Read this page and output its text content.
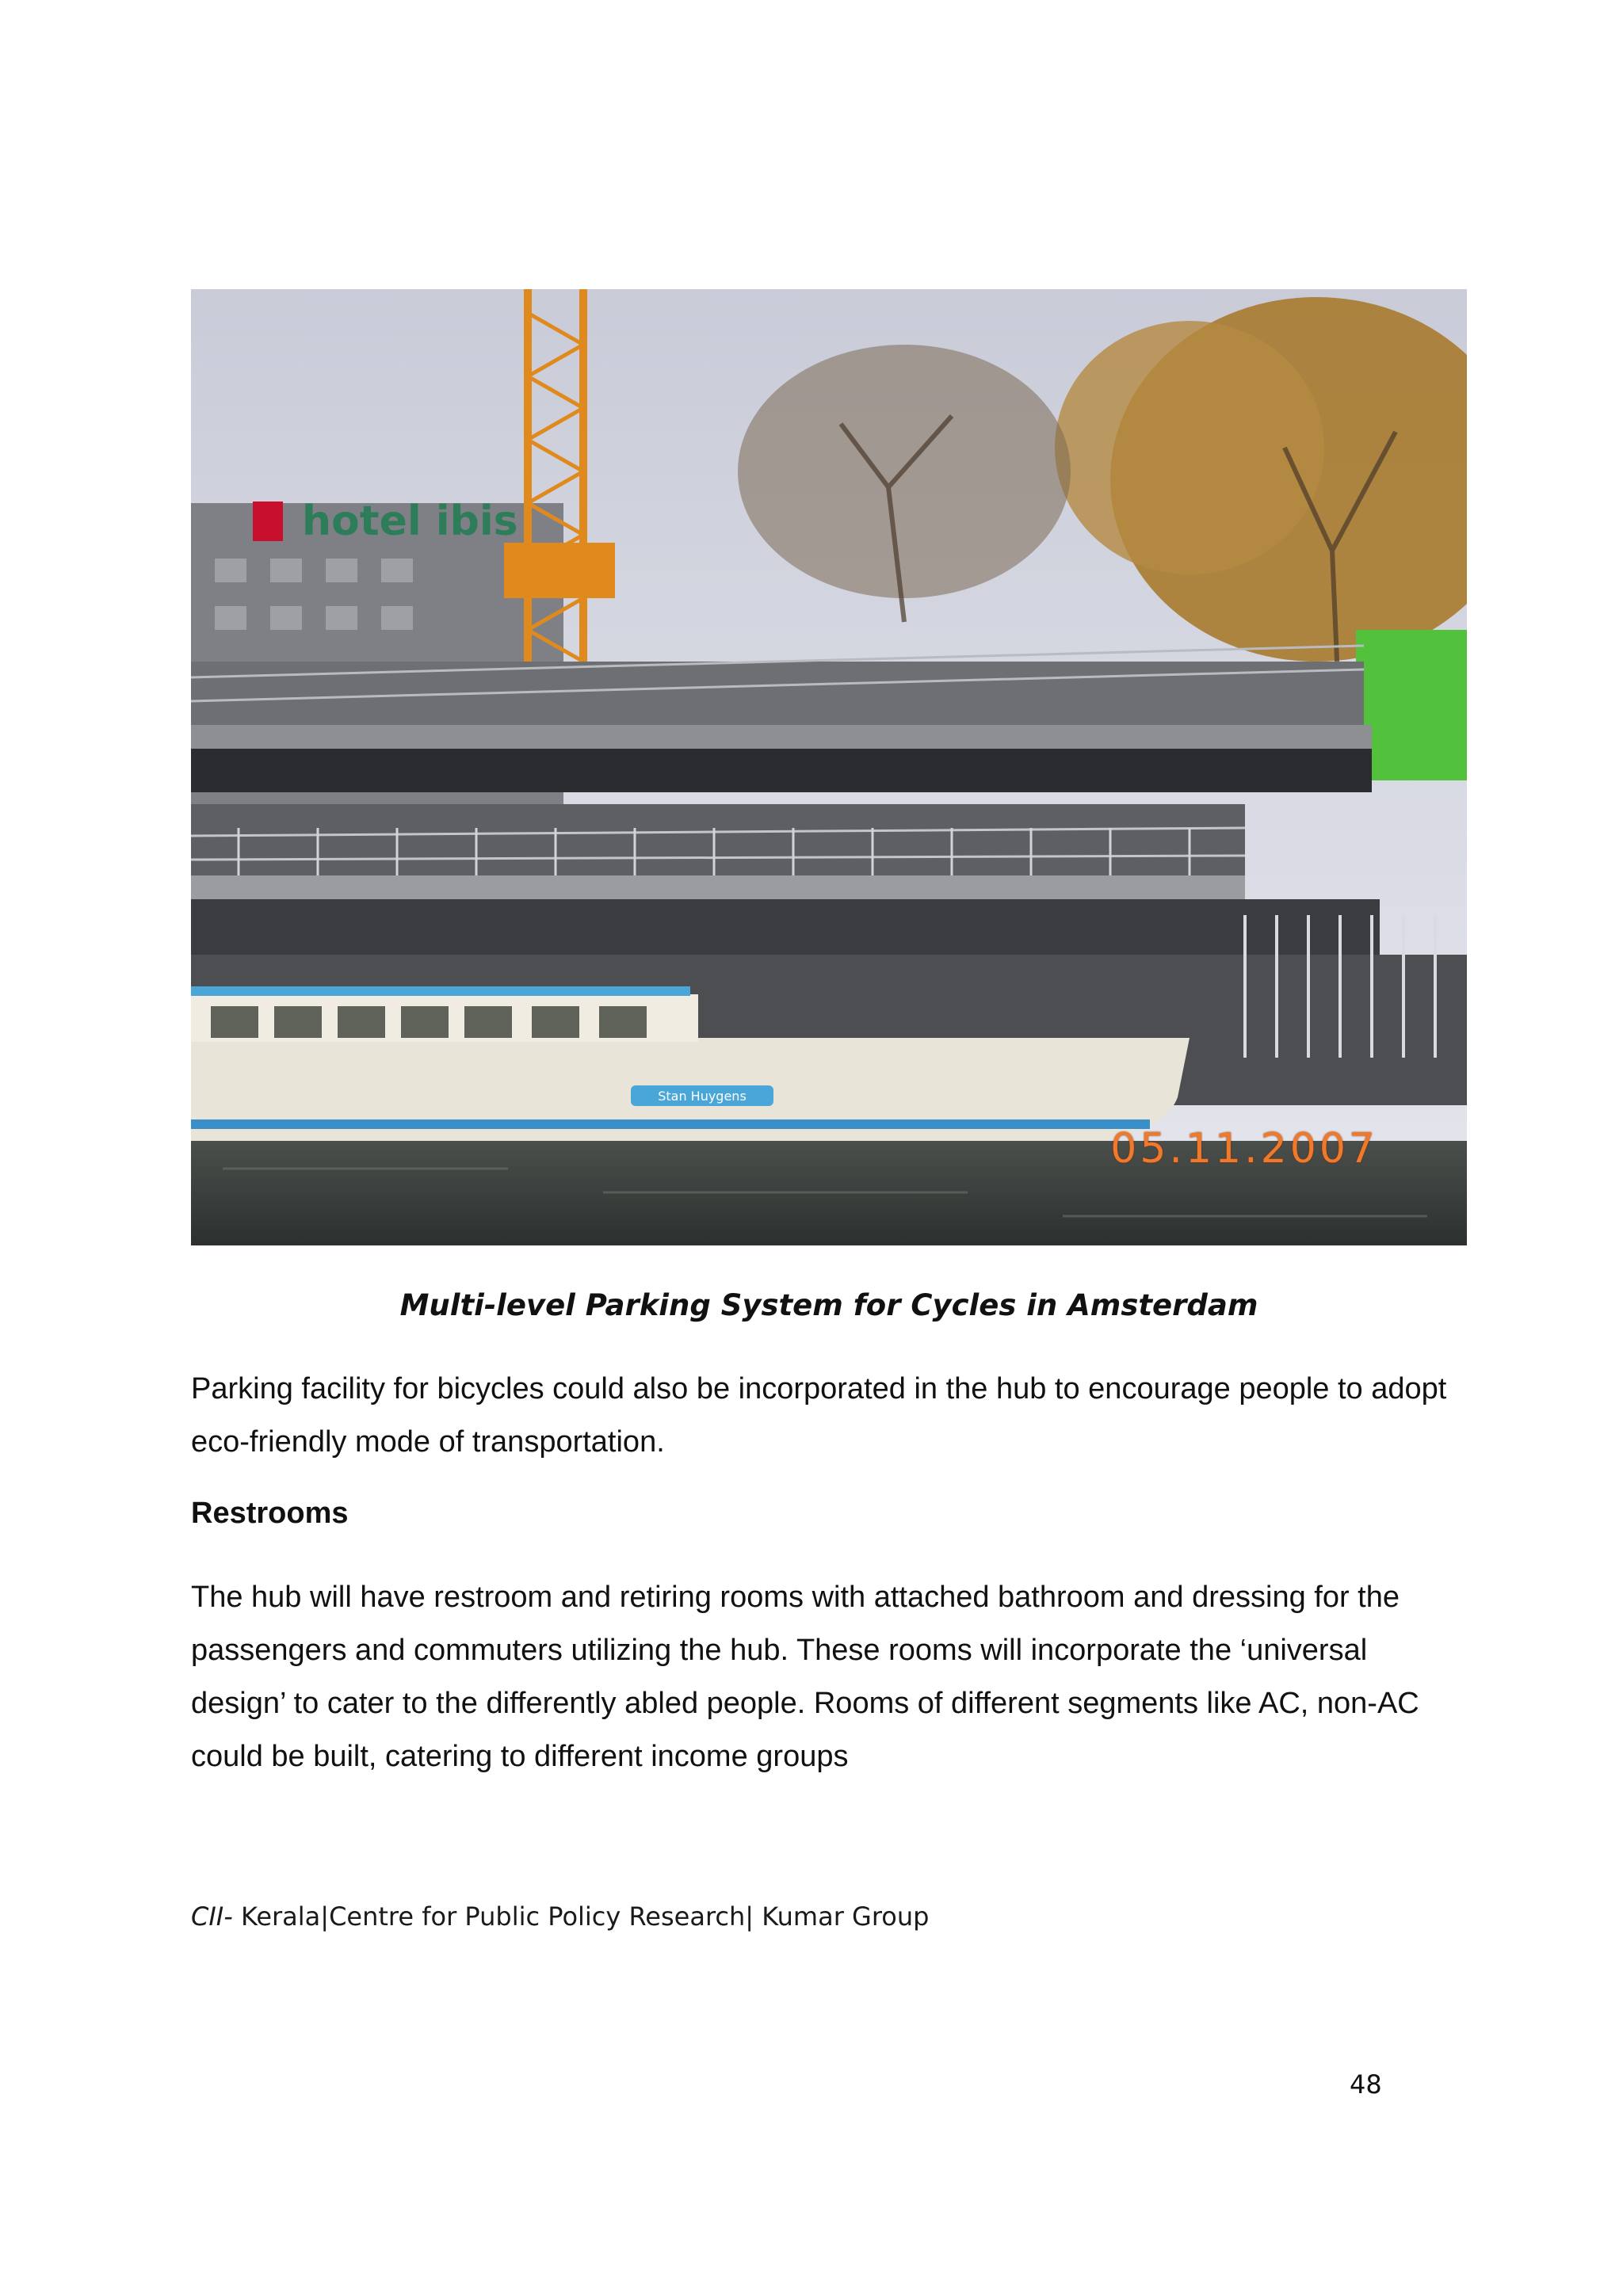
hotel ibis
Stan Huygens
05.11.2007
Multi-level Parking System for Cycles in Amsterdam
Parking facility for bicycles could also be incorporated in the hub to encourage people to adopt eco-friendly mode of transportation.
Restrooms
The hub will have restroom and retiring rooms with attached bathroom and dressing for the passengers and commuters utilizing the hub. These rooms will incorporate the ‘universal design’ to cater to the differently abled people. Rooms of different segments like AC, non-AC could be built, catering to different income groups
CII- Kerala|Centre for Public Policy Research| Kumar Group
48
